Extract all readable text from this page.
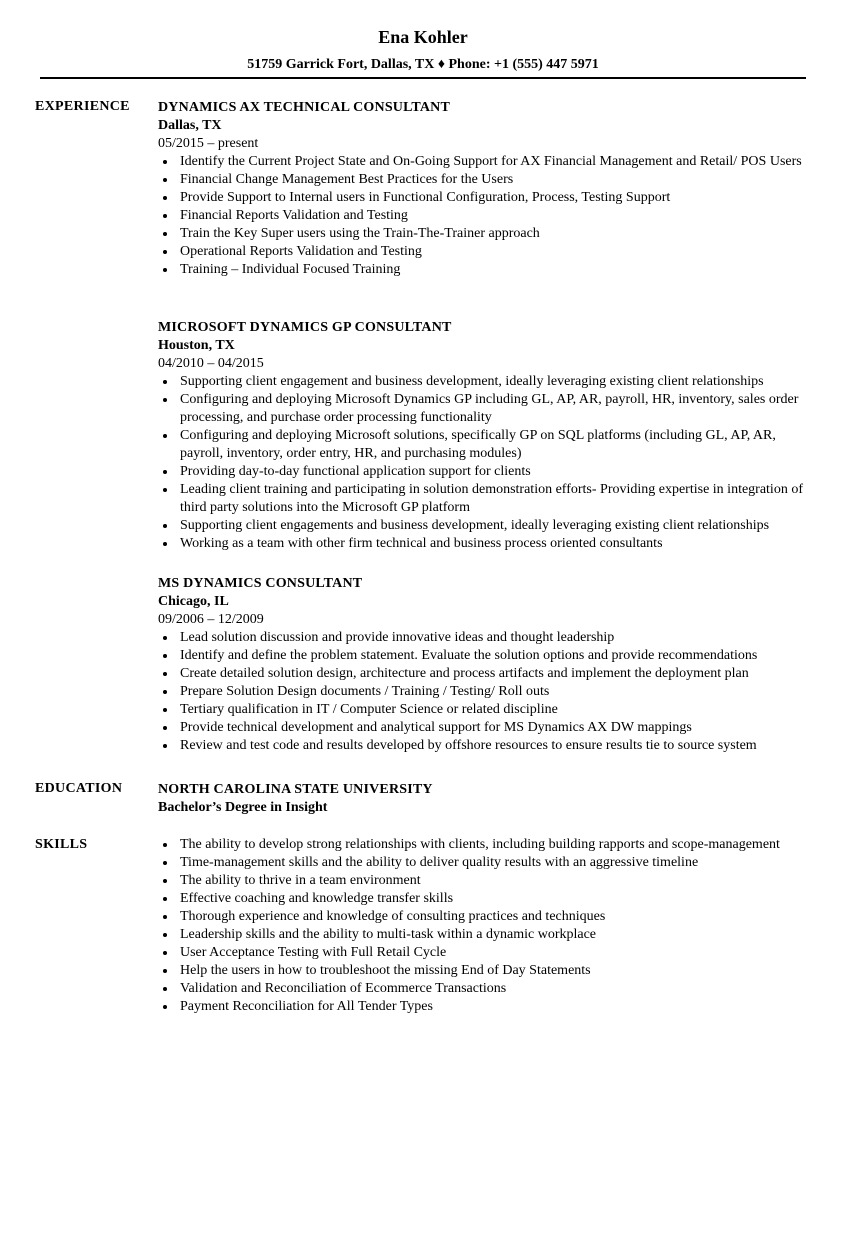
Ena Kohler
51759 Garrick Fort, Dallas, TX ♦ Phone: +1 (555) 447 5971
EXPERIENCE DYNAMICS AX TECHNICAL CONSULTANT
Dallas, TX
05/2015 – present
Identify the Current Project State and On-Going Support for AX Financial Management and Retail/ POS Users
Financial Change Management Best Practices for the Users
Provide Support to Internal users in Functional Configuration, Process, Testing Support
Financial Reports Validation and Testing
Train the Key Super users using the Train-The-Trainer approach
Operational Reports Validation and Testing
Training – Individual Focused Training
MICROSOFT DYNAMICS GP CONSULTANT
Houston, TX
04/2010 – 04/2015
Supporting client engagement and business development, ideally leveraging existing client relationships
Configuring and deploying Microsoft Dynamics GP including GL, AP, AR, payroll, HR, inventory, sales order processing, and purchase order processing functionality
Configuring and deploying Microsoft solutions, specifically GP on SQL platforms (including GL, AP, AR, payroll, inventory, order entry, HR, and purchasing modules)
Providing day-to-day functional application support for clients
Leading client training and participating in solution demonstration efforts- Providing expertise in integration of third party solutions into the Microsoft GP platform
Supporting client engagements and business development, ideally leveraging existing client relationships
Working as a team with other firm technical and business process oriented consultants
MS DYNAMICS CONSULTANT
Chicago, IL
09/2006 – 12/2009
Lead solution discussion and provide innovative ideas and thought leadership
Identify and define the problem statement. Evaluate the solution options and provide recommendations
Create detailed solution design, architecture and process artifacts and implement the deployment plan
Prepare Solution Design documents / Training / Testing/ Roll outs
Tertiary qualification in IT / Computer Science or related discipline
Provide technical development and analytical support for MS Dynamics AX DW mappings
Review and test code and results developed by offshore resources to ensure results tie to source system
EDUCATION	NORTH CAROLINA STATE UNIVERSITY
Bachelor’s Degree in Insight
SKILLS	The ability to develop strong relationships with clients, including building rapports and scope-management
Time-management skills and the ability to deliver quality results with an aggressive timeline
The ability to thrive in a team environment
Effective coaching and knowledge transfer skills
Thorough experience and knowledge of consulting practices and techniques
Leadership skills and the ability to multi-task within a dynamic workplace
User Acceptance Testing with Full Retail Cycle
Help the users in how to troubleshoot the missing End of Day Statements
Validation and Reconciliation of Ecommerce Transactions
Payment Reconciliation for All Tender Types
